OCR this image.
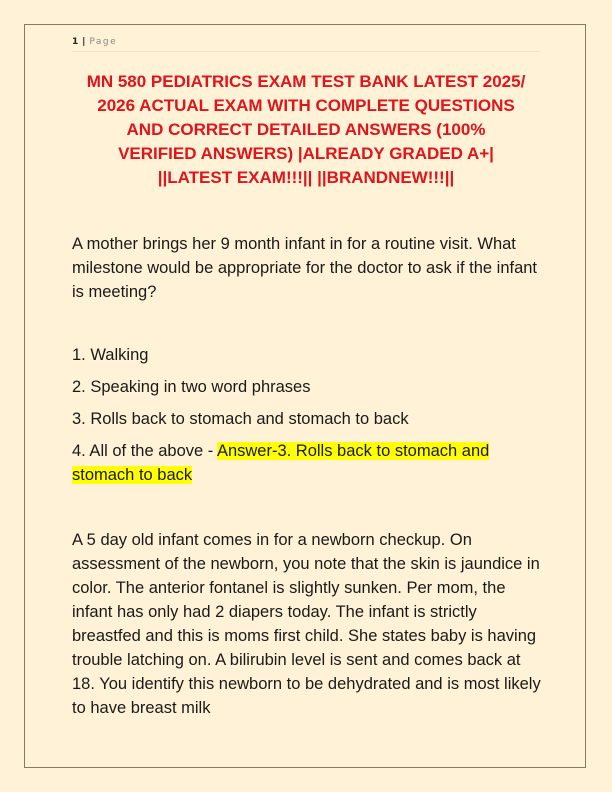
1 | Page
MN 580 PEDIATRICS EXAM TEST BANK LATEST 2025/
2026 ACTUAL EXAM WITH COMPLETE QUESTIONS
AND CORRECT DETAILED ANSWERS (100%
VERIFIED ANSWERS) |ALREADY GRADED A+|
||LATEST EXAM!!!|| ||BRANDNEW!!!||
A mother brings her 9 month infant in for a routine visit. What milestone would be appropriate for the doctor to ask if the infant is meeting?
1. Walking
2. Speaking in two word phrases
3. Rolls back to stomach and stomach to back
4. All of the above - Answer-3. Rolls back to stomach and stomach to back
A 5 day old infant comes in for a newborn checkup. On assessment of the newborn, you note that the skin is jaundice in color. The anterior fontanel is slightly sunken. Per mom, the infant has only had 2 diapers today. The infant is strictly breastfed and this is moms first child. She states baby is having trouble latching on. A bilirubin level is sent and comes back at 18. You identify this newborn to be dehydrated and is most likely to have breast milk
